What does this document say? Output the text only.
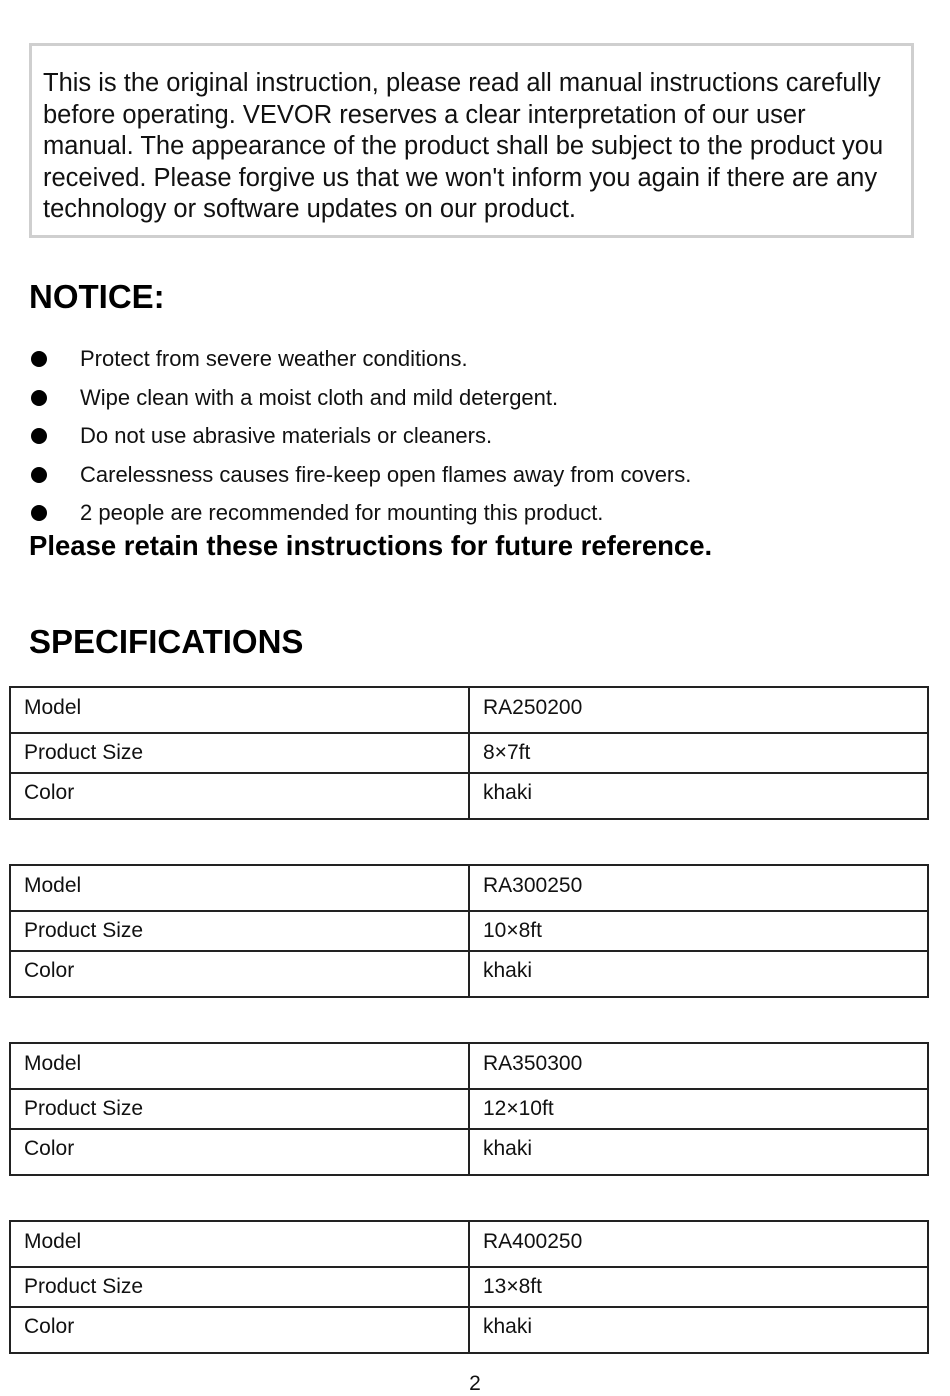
This is the original instruction, please read all manual instructions carefully before operating. VEVOR reserves a clear interpretation of our user manual. The appearance of the product shall be subject to the product you received. Please forgive us that we won't inform you again if there are any technology or software updates on our product.

NOTICE:
Protect from severe weather conditions.
Wipe clean with a moist cloth and mild detergent.
Do not use abrasive materials or cleaners.
Carelessness causes fire-keep open flames away from covers.
2 people are recommended for mounting this product.

Please retain these instructions for future reference.

SPECIFICATIONS
Model	RA250200
Product Size	8×7ft
Color	khaki
Model	RA300250
Product Size	10×8ft
Color	khaki
Model	RA350300
Product Size	12×10ft
Color	khaki
Model	RA400250
Product Size	13×8ft
Color	khaki
2
